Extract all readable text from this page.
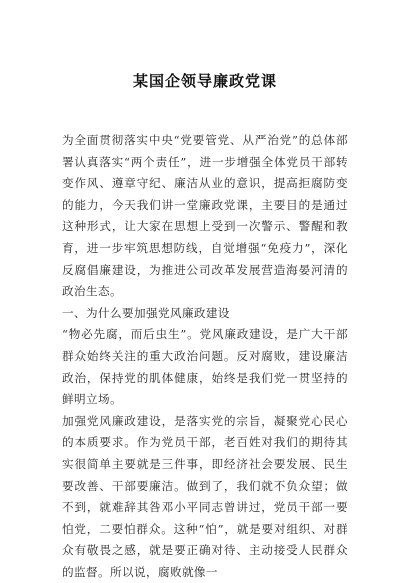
某国企领导廉政党课

为全面贯彻落实中央“党要管党、从严治党”的总体部署认真落实“两个责任”，进一步增强全体党员干部转变作风、遵章守纪、廉洁从业的意识，提高拒腐防变的能力，今天我们讲一堂廉政党课，主要目的是通过这种形式，让大家在思想上受到一次警示、警醒和教育，进一步牢筑思想防线，自觉增强“免疫力”，深化反腐倡廉建设，为推进公司改革发展营造海晏河清的政治生态。

一、为什么要加强党风廉政建设

“物必先腐，而后虫生”。党风廉政建设，是广大干部群众始终关注的重大政治问题。反对腐败，建设廉洁政治，保持党的肌体健康，始终是我们党一贯坚持的鲜明立场。

加强党风廉政建设，是落实党的宗旨，凝聚党心民心的本质要求。作为党员干部，老百姓对我们的期待其实很简单主要就是三件事，即经济社会要发展、民生要改善、干部要廉洁。做到了，我们就不负众望；做不到，就难辞其咎邓小平同志曾讲过，党员干部一要怕党，二要怕群众。这种“怕”，就是要对组织、对群众有敬畏之感，就是要正确对待、主动接受人民群众的监督。所以说，腐败就像一
